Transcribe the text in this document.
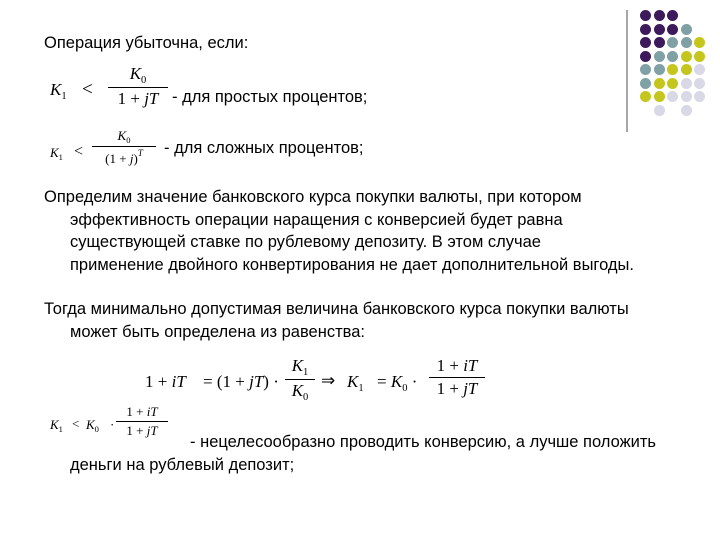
Операция убыточна, если:
$K_1$ <
$K_0$
1 + jT - для простых процентов;
$K_1$ <
$K_0$
$(1 + j)^T$	- для сложных процентов;
Определим значение банковского курса покупки валюты, при котором эффективность операции наращения с конверсией будет равна существующей ставке по рублевому депозиту. В этом случае применение двойного конвертирования не дает дополнительной выгоды.
Тогда минимально допустимая величина банковского курса покупки валюты может быть определена из равенства:
1 + iT = (1 + jT) ·
$K_1$
$K_0$
⇒ $K_1 = K_0$ ·
1 + iT
1 + jT
$K_1 < K_0$ ·
1 + iT
1 + jT
- нецелесообразно проводить конверсию, а лучше положить деньги на рублевый депозит;
